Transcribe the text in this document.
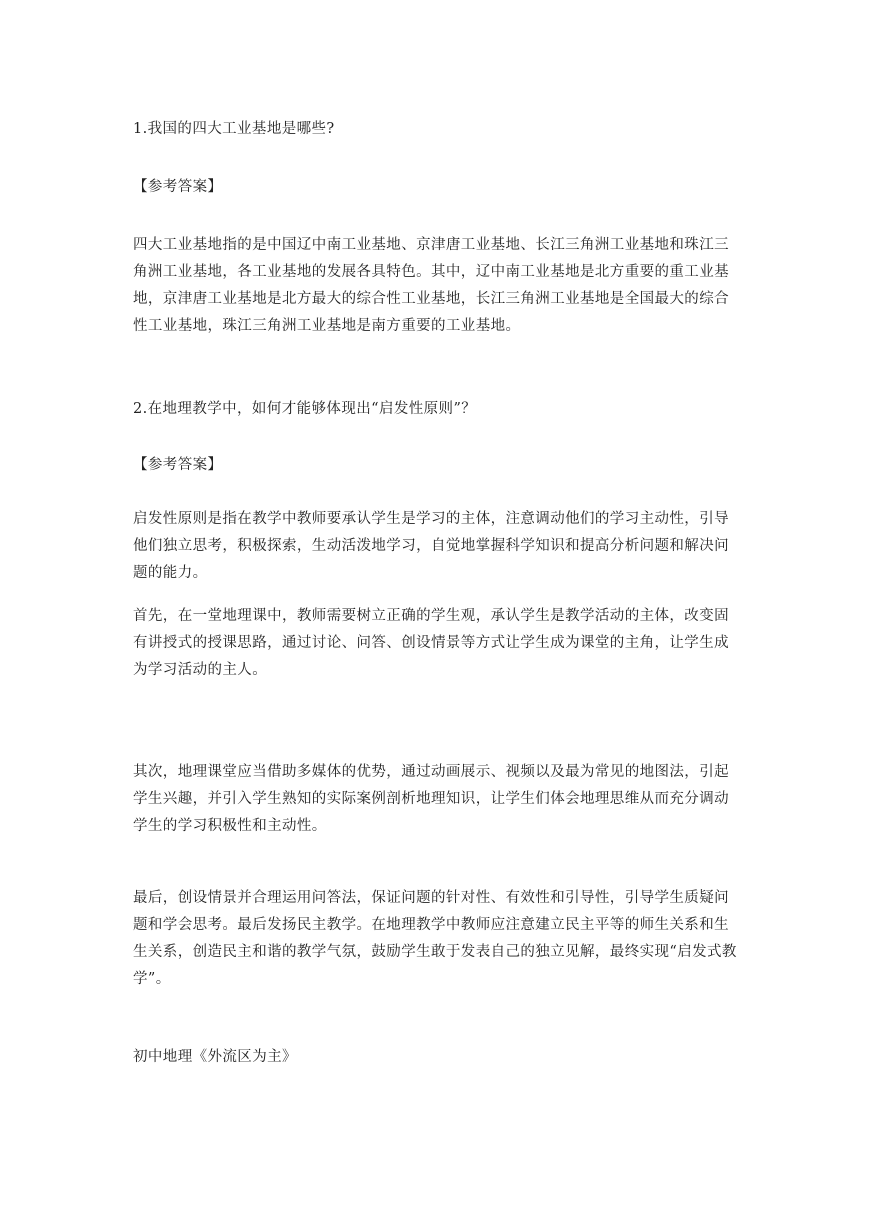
1.我国的四大工业基地是哪些?

【参考答案】

四大工业基地指的是中国辽中南工业基地、京津唐工业基地、长江三角洲工业基地和珠江三角洲工业基地，各工业基地的发展各具特色。其中，辽中南工业基地是北方重要的重工业基地，京津唐工业基地是北方最大的综合性工业基地，长江三角洲工业基地是全国最大的综合性工业基地，珠江三角洲工业基地是南方重要的工业基地。

2.在地理教学中，如何才能够体现出“启发性原则”？

【参考答案】

启发性原则是指在教学中教师要承认学生是学习的主体，注意调动他们的学习主动性，引导他们独立思考，积极探索，生动活泼地学习，自觉地掌握科学知识和提高分析问题和解决问题的能力。

首先，在一堂地理课中，教师需要树立正确的学生观，承认学生是教学活动的主体，改变固有讲授式的授课思路，通过讨论、问答、创设情景等方式让学生成为课堂的主角，让学生成为学习活动的主人。

其次，地理课堂应当借助多媒体的优势，通过动画展示、视频以及最为常见的地图法，引起学生兴趣，并引入学生熟知的实际案例剖析地理知识，让学生们体会地理思维从而充分调动学生的学习积极性和主动性。

最后，创设情景并合理运用问答法，保证问题的针对性、有效性和引导性，引导学生质疑问题和学会思考。最后发扬民主教学。在地理教学中教师应注意建立民主平等的师生关系和生生关系，创造民主和谐的教学气氛，鼓励学生敢于发表自己的独立见解，最终实现“启发式教学”。

初中地理《外流区为主》
